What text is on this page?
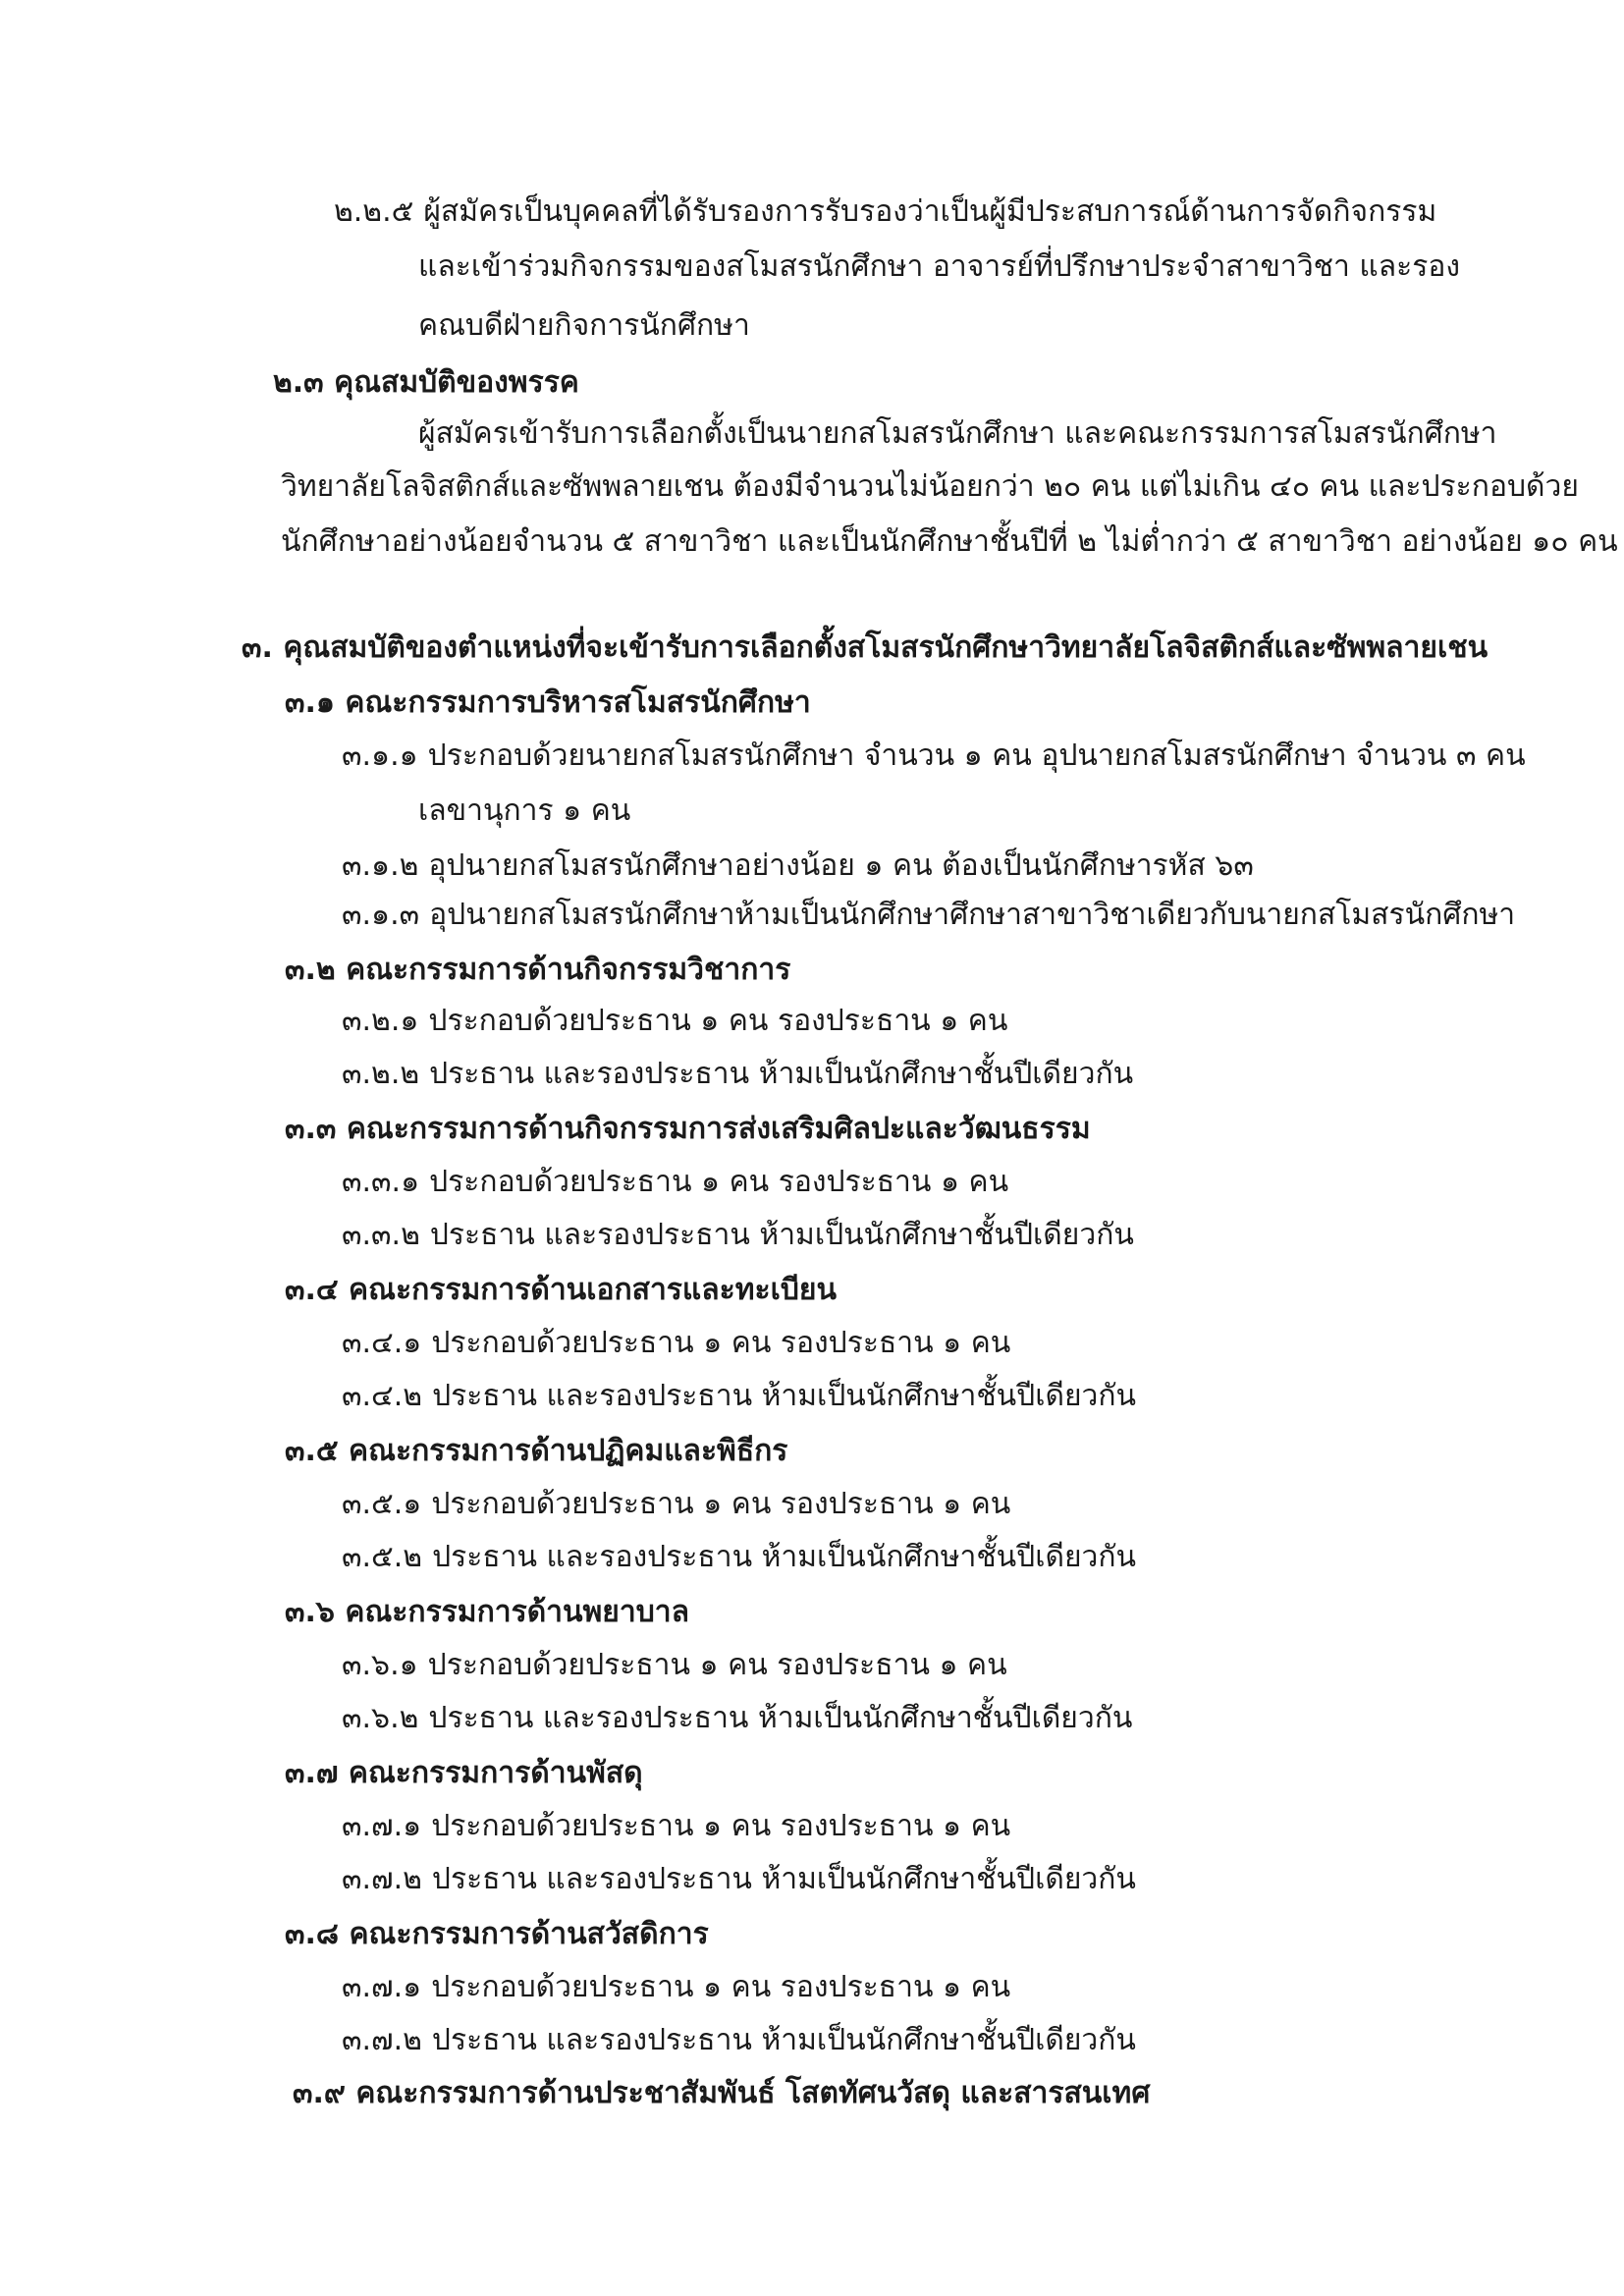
๒.๒.๕ ผู้สมัครเป็นบุคคลที่ได้รับรองการรับรองว่าเป็นผู้มีประสบการณ์ด้านการจัดกิจกรรม
และเข้าร่วมกิจกรรมของสโมสรนักศึกษา อาจารย์ที่ปรึกษาประจำสาขาวิชา และรอง
คณบดีฝ่ายกิจการนักศึกษา
๒.๓ คุณสมบัติของพรรค
ผู้สมัครเข้ารับการเลือกตั้งเป็นนายกสโมสรนักศึกษา และคณะกรรมการสโมสรนักศึกษา
วิทยาลัยโลจิสติกส์และซัพพลายเชน ต้องมีจำนวนไม่น้อยกว่า ๒๐ คน แต่ไม่เกิน ๔๐ คน และประกอบด้วย
นักศึกษาอย่างน้อยจำนวน ๕ สาขาวิชา และเป็นนักศึกษาชั้นปีที่ ๒ ไม่ต่ำกว่า ๕ สาขาวิชา อย่างน้อย ๑๐ คน
๓. คุณสมบัติของตำแหน่งที่จะเข้ารับการเลือกตั้งสโมสรนักศึกษาวิทยาลัยโลจิสติกส์และซัพพลายเชน
๓.๑ คณะกรรมการบริหารสโมสรนักศึกษา
๓.๑.๑ ประกอบด้วยนายกสโมสรนักศึกษา จำนวน ๑ คน อุปนายกสโมสรนักศึกษา จำนวน ๓ คน
เลขานุการ ๑ คน
๓.๑.๒ อุปนายกสโมสรนักศึกษาอย่างน้อย ๑ คน ต้องเป็นนักศึกษารหัส ๖๓
๓.๑.๓ อุปนายกสโมสรนักศึกษาห้ามเป็นนักศึกษาศึกษาสาขาวิชาเดียวกับนายกสโมสรนักศึกษา
๓.๒ คณะกรรมการด้านกิจกรรมวิชาการ
๓.๒.๑ ประกอบด้วยประธาน ๑ คน รองประธาน ๑ คน
๓.๒.๒ ประธาน และรองประธาน ห้ามเป็นนักศึกษาชั้นปีเดียวกัน
๓.๓ คณะกรรมการด้านกิจกรรมการส่งเสริมศิลปะและวัฒนธรรม
๓.๓.๑ ประกอบด้วยประธาน ๑ คน รองประธาน ๑ คน
๓.๓.๒ ประธาน และรองประธาน ห้ามเป็นนักศึกษาชั้นปีเดียวกัน
๓.๔ คณะกรรมการด้านเอกสารและทะเบียน
๓.๔.๑ ประกอบด้วยประธาน ๑ คน รองประธาน ๑ คน
๓.๔.๒ ประธาน และรองประธาน ห้ามเป็นนักศึกษาชั้นปีเดียวกัน
๓.๕ คณะกรรมการด้านปฏิคมและพิธีกร
๓.๕.๑ ประกอบด้วยประธาน ๑ คน รองประธาน ๑ คน
๓.๕.๒ ประธาน และรองประธาน ห้ามเป็นนักศึกษาชั้นปีเดียวกัน
๓.๖ คณะกรรมการด้านพยาบาล
๓.๖.๑ ประกอบด้วยประธาน ๑ คน รองประธาน ๑ คน
๓.๖.๒ ประธาน และรองประธาน ห้ามเป็นนักศึกษาชั้นปีเดียวกัน
๓.๗ คณะกรรมการด้านพัสดุ
๓.๗.๑ ประกอบด้วยประธาน ๑ คน รองประธาน ๑ คน
๓.๗.๒ ประธาน และรองประธาน ห้ามเป็นนักศึกษาชั้นปีเดียวกัน
๓.๘ คณะกรรมการด้านสวัสดิการ
๓.๗.๑ ประกอบด้วยประธาน ๑ คน รองประธาน ๑ คน
๓.๗.๒ ประธาน และรองประธาน ห้ามเป็นนักศึกษาชั้นปีเดียวกัน
๓.๙ คณะกรรมการด้านประชาสัมพันธ์ โสตทัศนวัสดุ และสารสนเทศ
